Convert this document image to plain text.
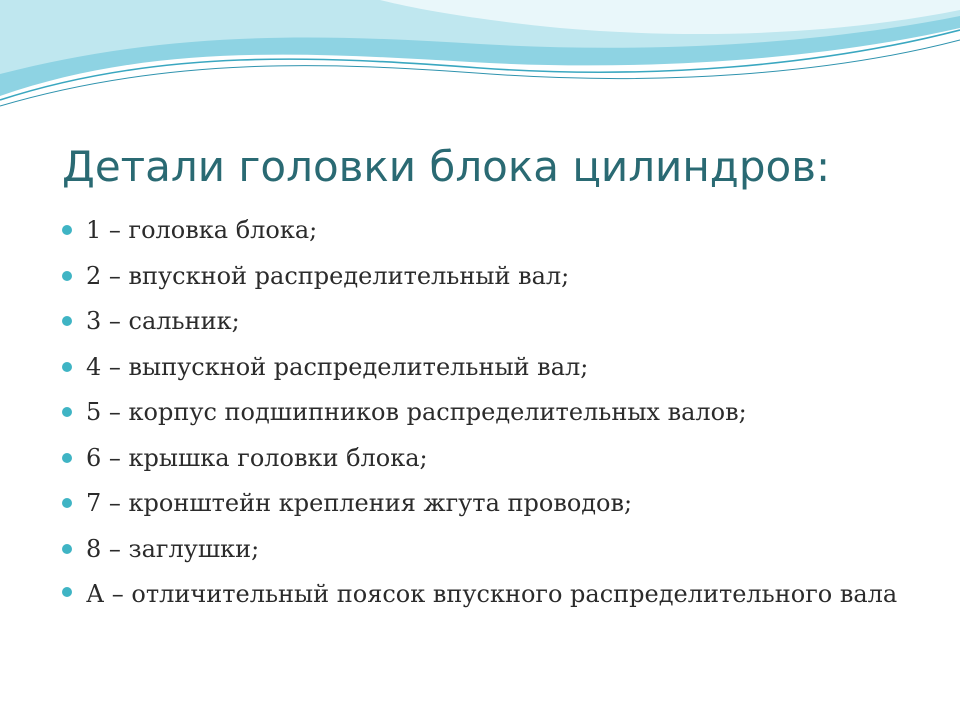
Детали головки блока цилиндров:
1 – головка блока;
2 – впускной распределительный вал;
3 – сальник;
4 – выпускной распределительный вал;
5 – корпус подшипников распределительных валов;
6 – крышка головки блока;
7 – кронштейн крепления жгута проводов;
8 – заглушки;
А – отличительный поясок впускного распределительного вала
